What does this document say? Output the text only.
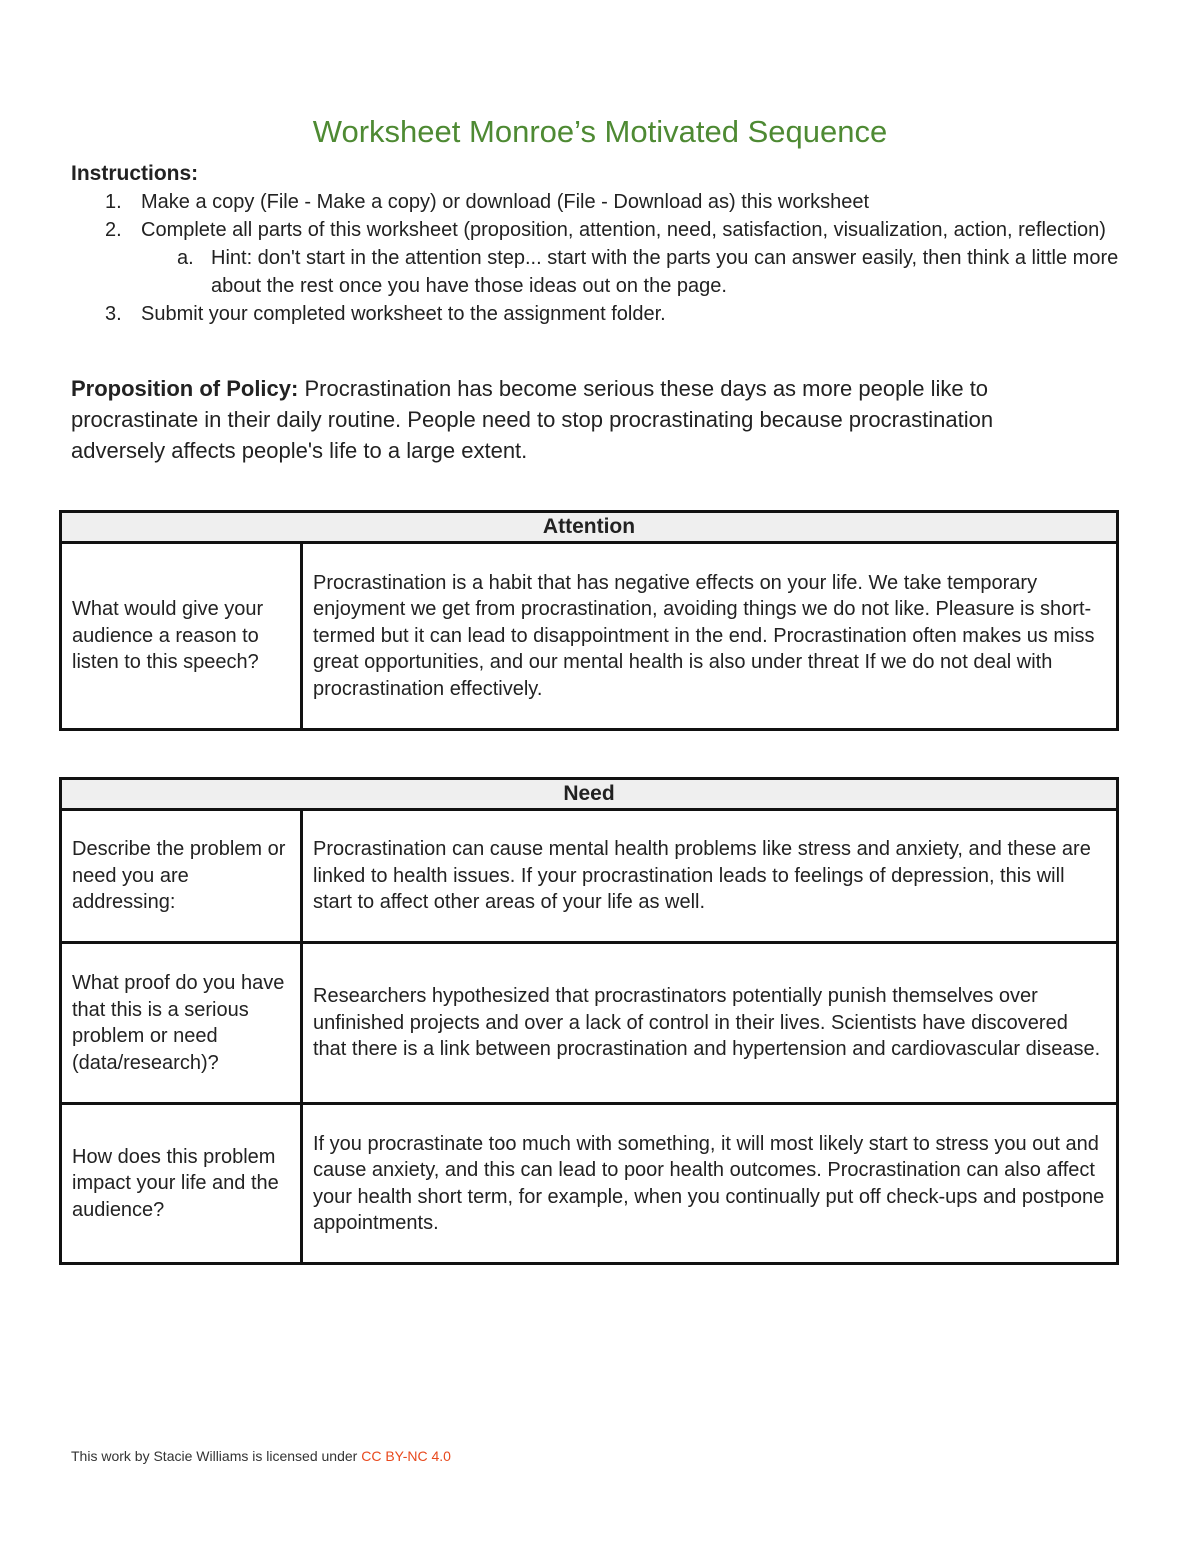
Worksheet Monroe’s Motivated Sequence
Instructions:
1. Make a copy (File - Make a copy) or download (File - Download as) this worksheet
2. Complete all parts of this worksheet (proposition, attention, need, satisfaction, visualization, action, reflection)
a. Hint: don't start in the attention step... start with the parts you can answer easily, then think a little more about the rest once you have those ideas out on the page.
3. Submit your completed worksheet to the assignment folder.
Proposition of Policy: Procrastination has become serious these days as more people like to procrastinate in their daily routine. People need to stop procrastinating because procrastination adversely affects people's life to a large extent.
Attention
What would give your audience a reason to listen to this speech?	Procrastination is a habit that has negative effects on your life. We take temporary enjoyment we get from procrastination, avoiding things we do not like. Pleasure is short-termed but it can lead to disappointment in the end. Procrastination often makes us miss great opportunities, and our mental health is also under threat If we do not deal with procrastination effectively.
Need	
Describe the problem or need you are addressing:	Procrastination can cause mental health problems like stress and anxiety, and these are linked to health issues. If your procrastination leads to feelings of depression, this will start to affect other areas of your life as well.
What proof do you have that this is a serious problem or need (data/research)?	Researchers hypothesized that procrastinators potentially punish themselves over unfinished projects and over a lack of control in their lives. Scientists have discovered that there is a link between procrastination and hypertension and cardiovascular disease.
How does this problem impact your life and the audience?	If you procrastinate too much with something, it will most likely start to stress you out and cause anxiety, and this can lead to poor health outcomes. Procrastination can also affect your health short term, for example, when you continually put off check-ups and postpone appointments.
This work by Stacie Williams is licensed under CC BY-NC 4.0
